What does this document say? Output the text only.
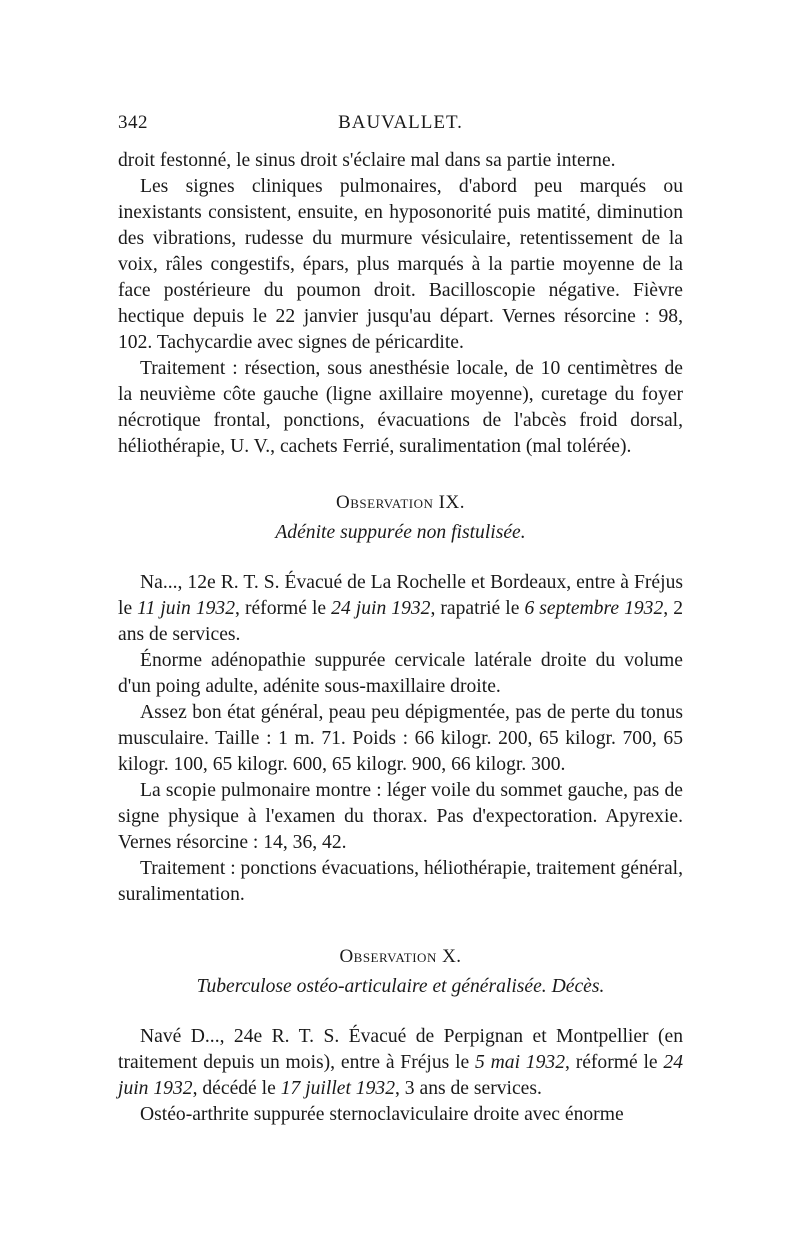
342	BAUVALLET.

droit festonné, le sinus droit s'éclaire mal dans sa partie interne.

Les signes cliniques pulmonaires, d'abord peu marqués ou inexistants consistent, ensuite, en hyposonorité puis matité, diminution des vibrations, rudesse du murmure vésiculaire, retentissement de la voix, râles congestifs, épars, plus marqués à la partie moyenne de la face postérieure du poumon droit. Bacilloscopie négative. Fièvre hectique depuis le 22 janvier jusqu'au départ. Vernes résorcine : 98, 102. Tachycardie avec signes de péricardite.

Traitement : résection, sous anesthésie locale, de 10 centimètres de la neuvième côte gauche (ligne axillaire moyenne), curetage du foyer nécrotique frontal, ponctions, évacuations de l'abcès froid dorsal, héliothérapie, U. V., cachets Ferrié, suralimentation (mal tolérée).

Observation IX.
Adénite suppurée non fistulisée.

Na..., 12e R. T. S. Évacué de La Rochelle et Bordeaux, entre à Fréjus le 11 juin 1932, réformé le 24 juin 1932, rapatrié le 6 septembre 1932, 2 ans de services.

Énorme adénopathie suppurée cervicale latérale droite du volume d'un poing adulte, adénite sous-maxillaire droite.

Assez bon état général, peau peu dépigmentée, pas de perte du tonus musculaire. Taille : 1 m. 71. Poids : 66 kilogr. 200, 65 kilogr. 700, 65 kilogr. 100, 65 kilogr. 600, 65 kilogr. 900, 66 kilogr. 300.

La scopie pulmonaire montre : léger voile du sommet gauche, pas de signe physique à l'examen du thorax. Pas d'expectoration. Apyrexie. Vernes résorcine : 14, 36, 42.

Traitement : ponctions évacuations, héliothérapie, traitement général, suralimentation.

Observation X.
Tuberculose ostéo-articulaire et généralisée. Décès.

Navé D..., 24e R. T. S. Évacué de Perpignan et Montpellier (en traitement depuis un mois), entre à Fréjus le 5 mai 1932, réformé le 24 juin 1932, décédé le 17 juillet 1932, 3 ans de services.

Ostéo-arthrite suppurée sternoclaviculaire droite avec énorme
